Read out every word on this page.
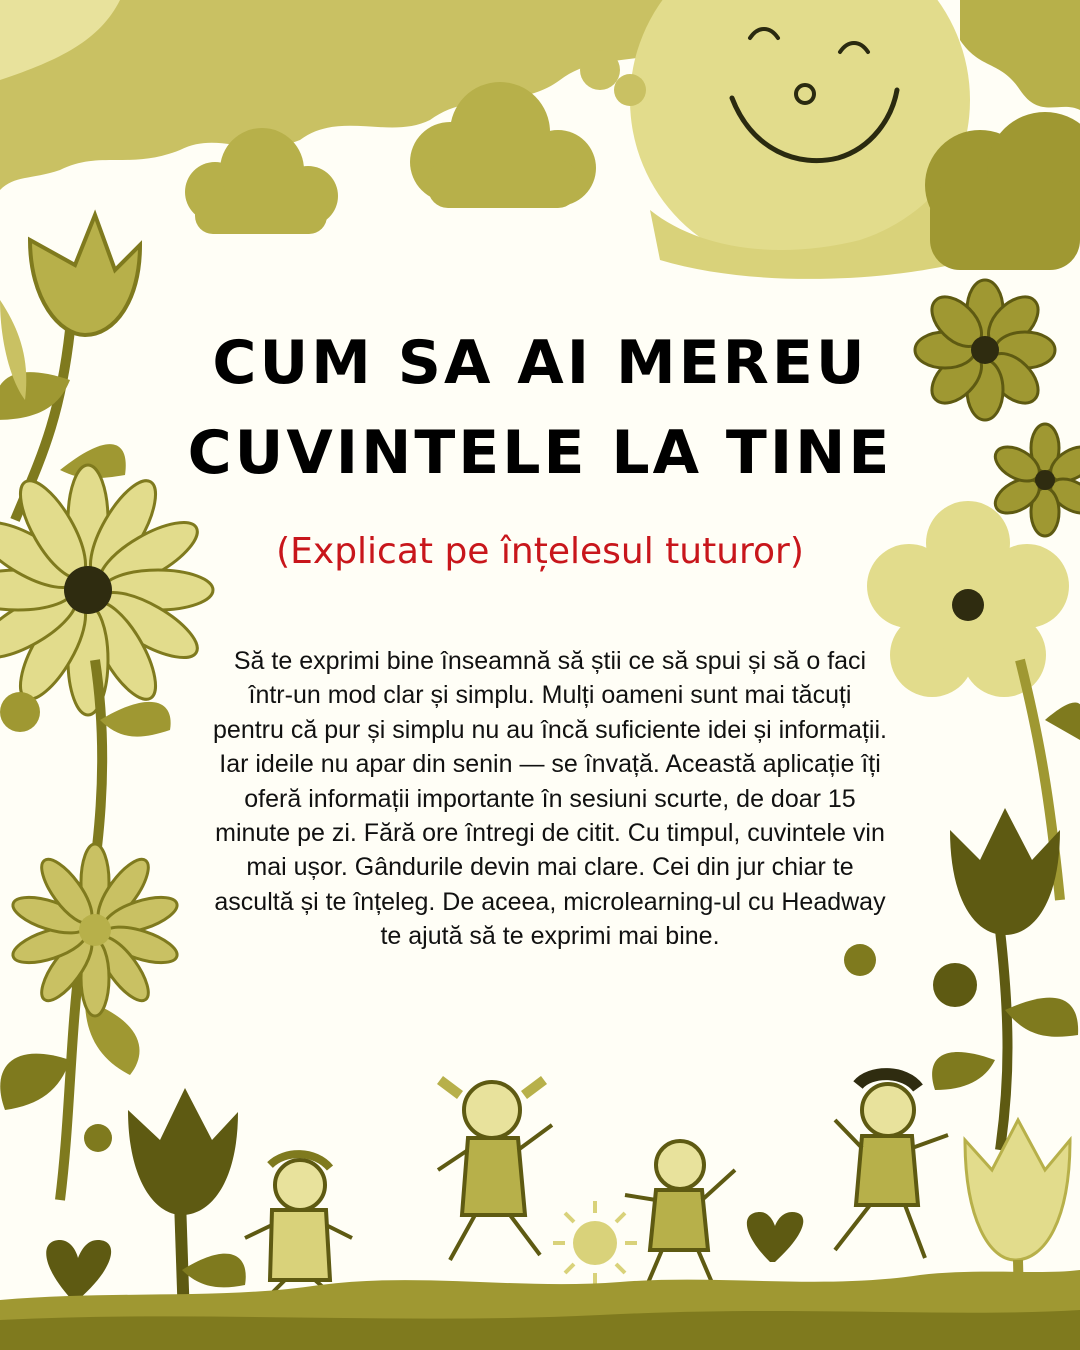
CUM SA AI MEREU
CUVINTELE LA TINE

(Explicat pe înțelesul tuturor)

Să te exprimi bine înseamnă să știi ce să spui și să o faci într-un mod clar și simplu. Mulți oameni sunt mai tăcuți pentru că pur și simplu nu au încă suficiente idei și informații. Iar ideile nu apar din senin — se învață. Această aplicație îți oferă informații importante în sesiuni scurte, de doar 15 minute pe zi. Fără ore întregi de citit. Cu timpul, cuvintele vin mai ușor. Gândurile devin mai clare. Cei din jur chiar te ascultă și te înțeleg. De aceea, microlearning-ul cu Headway te ajută să te exprimi mai bine.
